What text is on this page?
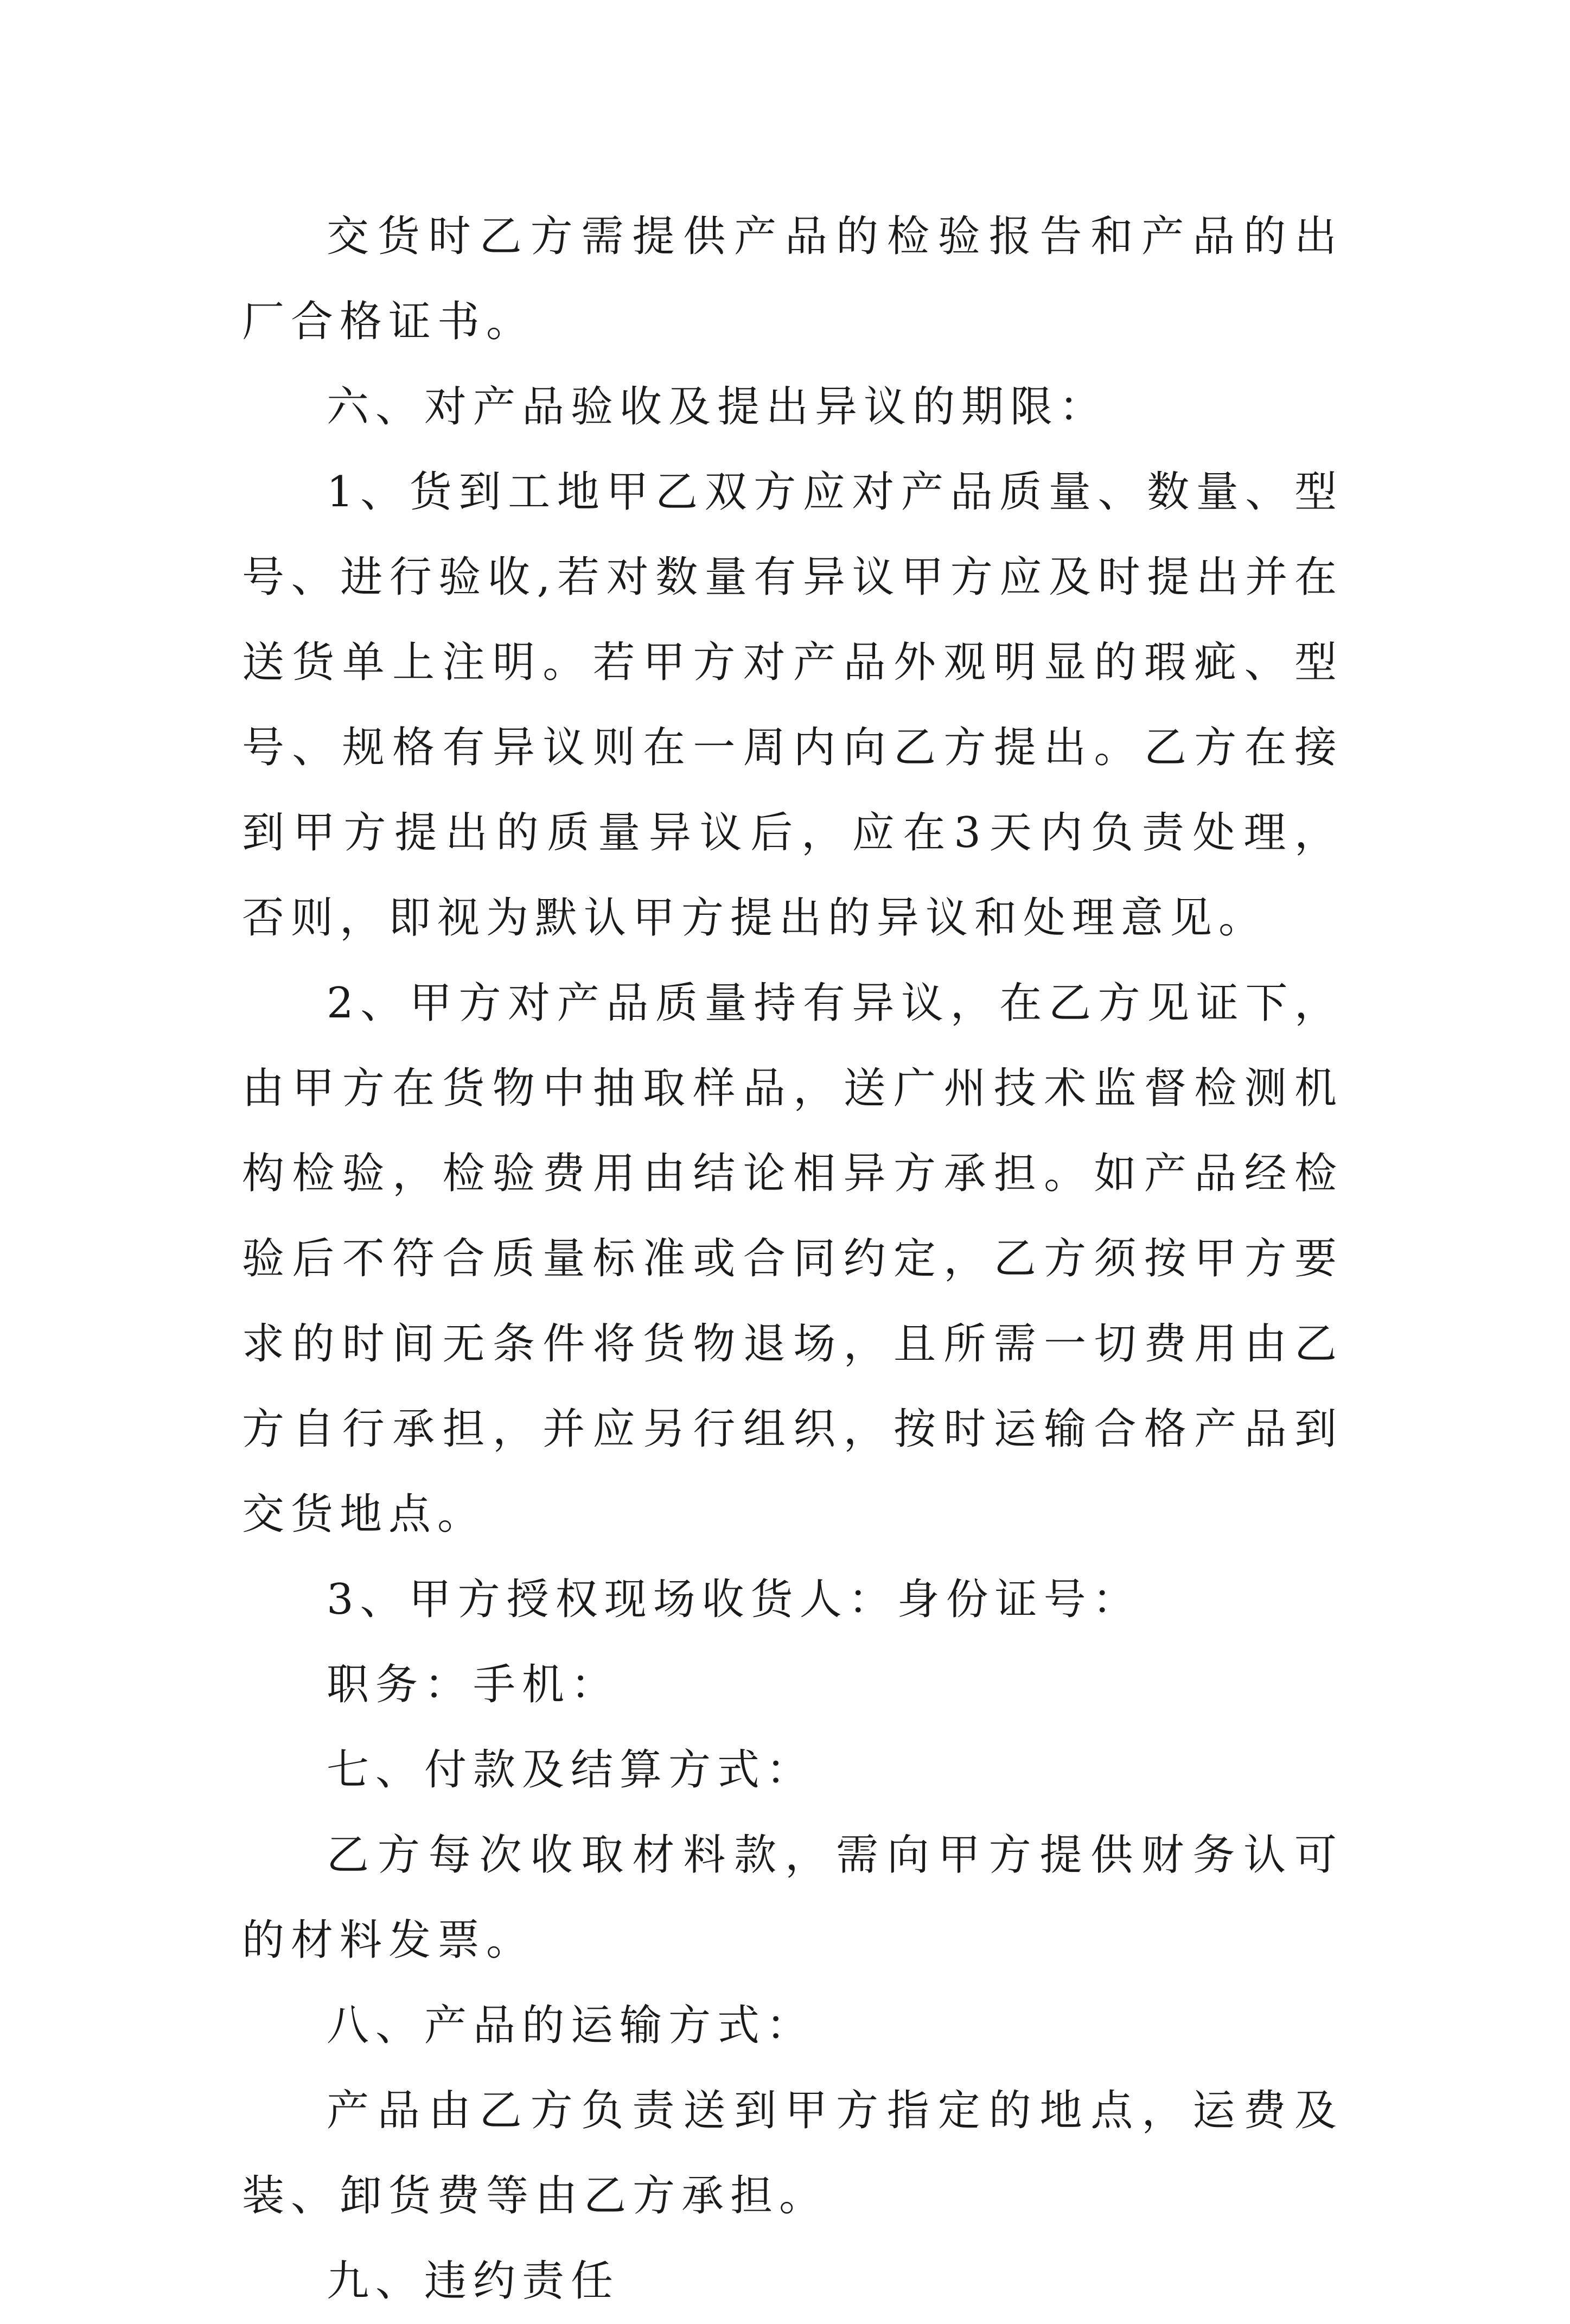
交货时乙方需提供产品的检验报告和产品的出厂合格证书。

六、对产品验收及提出异议的期限：

1、货到工地甲乙双方应对产品质量、数量、型号、进行验收,若对数量有异议甲方应及时提出并在送货单上注明。若甲方对产品外观明显的瑕疵、型号、规格有异议则在一周内向乙方提出。乙方在接到甲方提出的质量异议后，应在3天内负责处理，否则，即视为默认甲方提出的异议和处理意见。

2、甲方对产品质量持有异议，在乙方见证下，由甲方在货物中抽取样品，送广州技术监督检测机构检验，检验费用由结论相异方承担。如产品经检验后不符合质量标准或合同约定，乙方须按甲方要求的时间无条件将货物退场，且所需一切费用由乙方自行承担，并应另行组织，按时运输合格产品到交货地点。

3、甲方授权现场收货人：身份证号：

职务：手机：

七、付款及结算方式：

乙方每次收取材料款，需向甲方提供财务认可的材料发票。

八、产品的运输方式：

产品由乙方负责送到甲方指定的地点，运费及装、卸货费等由乙方承担。

九、违约责任
